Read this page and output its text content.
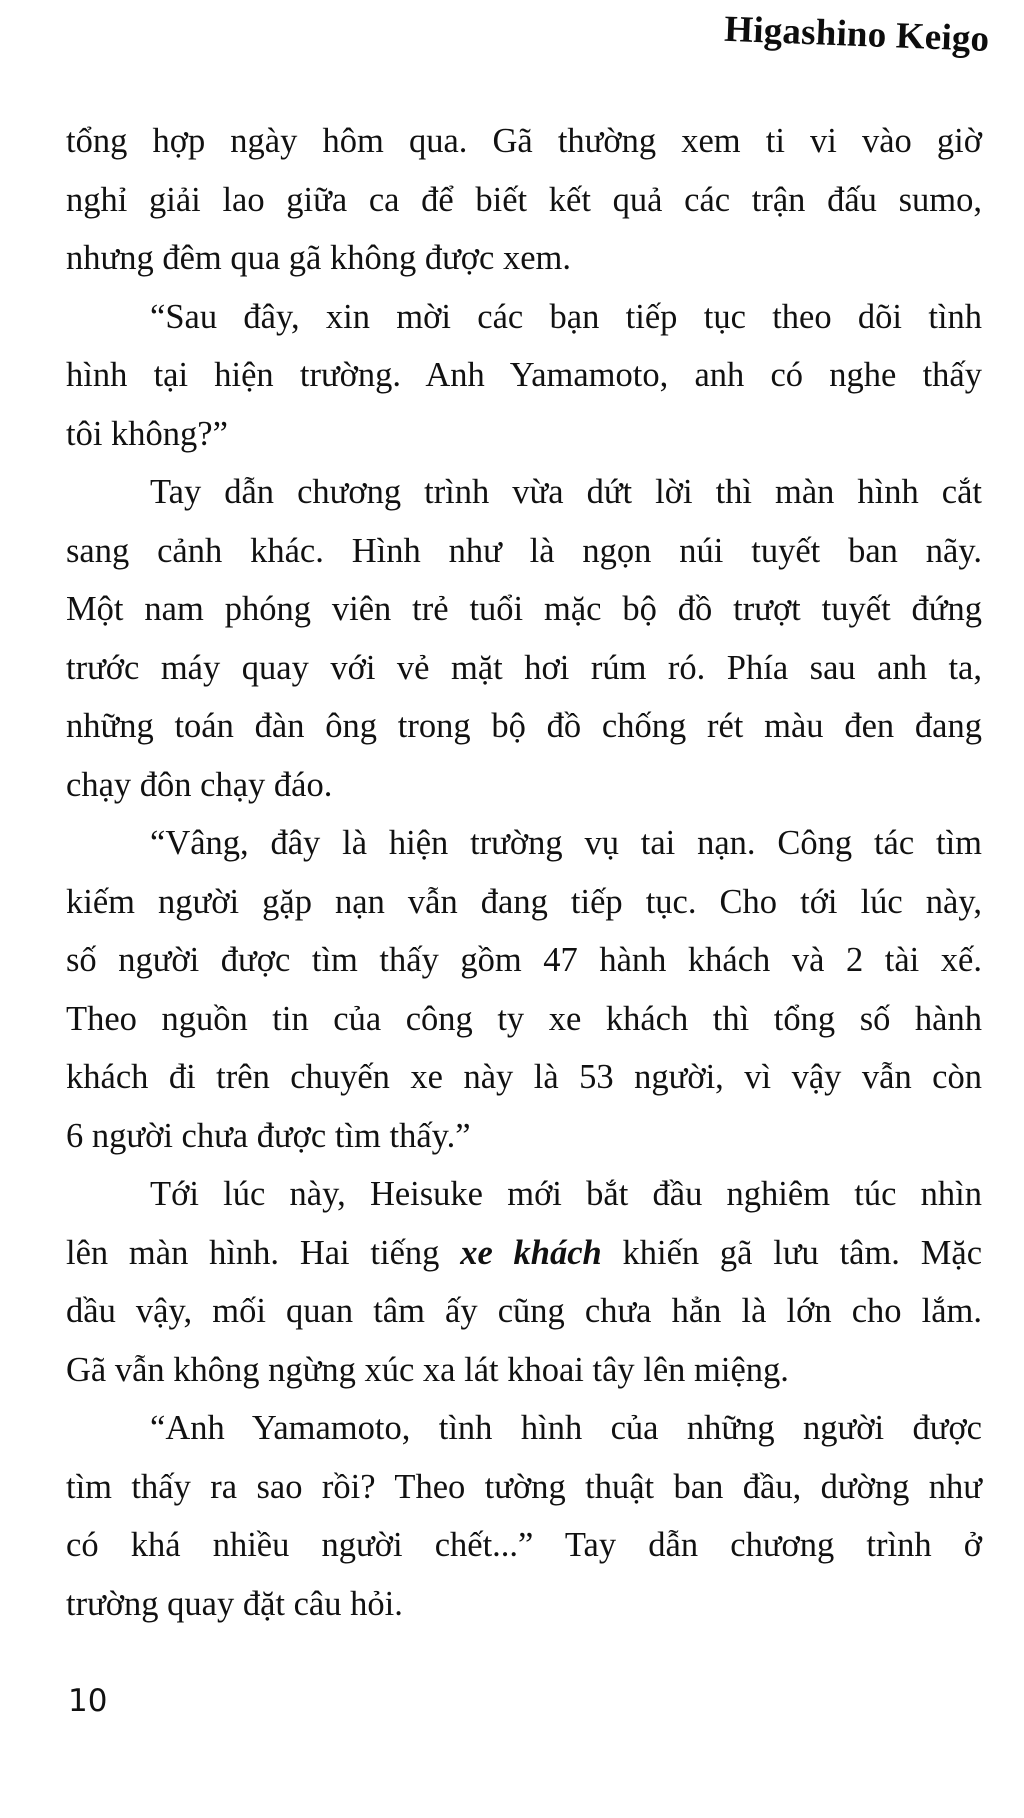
Higashino Keigo
tổng hợp ngày hôm qua. Gã thường xem ti vi vào giờ
nghỉ giải lao giữa ca để biết kết quả các trận đấu sumo,
nhưng đêm qua gã không được xem.
“Sau đây, xin mời các bạn tiếp tục theo dõi tình
hình tại hiện trường. Anh Yamamoto, anh có nghe thấy
tôi không?”
Tay dẫn chương trình vừa dứt lời thì màn hình cắt
sang cảnh khác. Hình như là ngọn núi tuyết ban nãy.
Một nam phóng viên trẻ tuổi mặc bộ đồ trượt tuyết đứng
trước máy quay với vẻ mặt hơi rúm ró. Phía sau anh ta,
những toán đàn ông trong bộ đồ chống rét màu đen đang
chạy đôn chạy đáo.
“Vâng, đây là hiện trường vụ tai nạn. Công tác tìm
kiếm người gặp nạn vẫn đang tiếp tục. Cho tới lúc này,
số người được tìm thấy gồm 47 hành khách và 2 tài xế.
Theo nguồn tin của công ty xe khách thì tổng số hành
khách đi trên chuyến xe này là 53 người, vì vậy vẫn còn
6 người chưa được tìm thấy.”
Tới lúc này, Heisuke mới bắt đầu nghiêm túc nhìn
lên màn hình. Hai tiếng xe khách khiến gã lưu tâm. Mặc
dầu vậy, mối quan tâm ấy cũng chưa hẳn là lớn cho lắm.
Gã vẫn không ngừng xúc xa lát khoai tây lên miệng.
“Anh Yamamoto, tình hình của những người được
tìm thấy ra sao rồi? Theo tường thuật ban đầu, dường như
có khá nhiều người chết...” Tay dẫn chương trình ở
trường quay đặt câu hỏi.
10
